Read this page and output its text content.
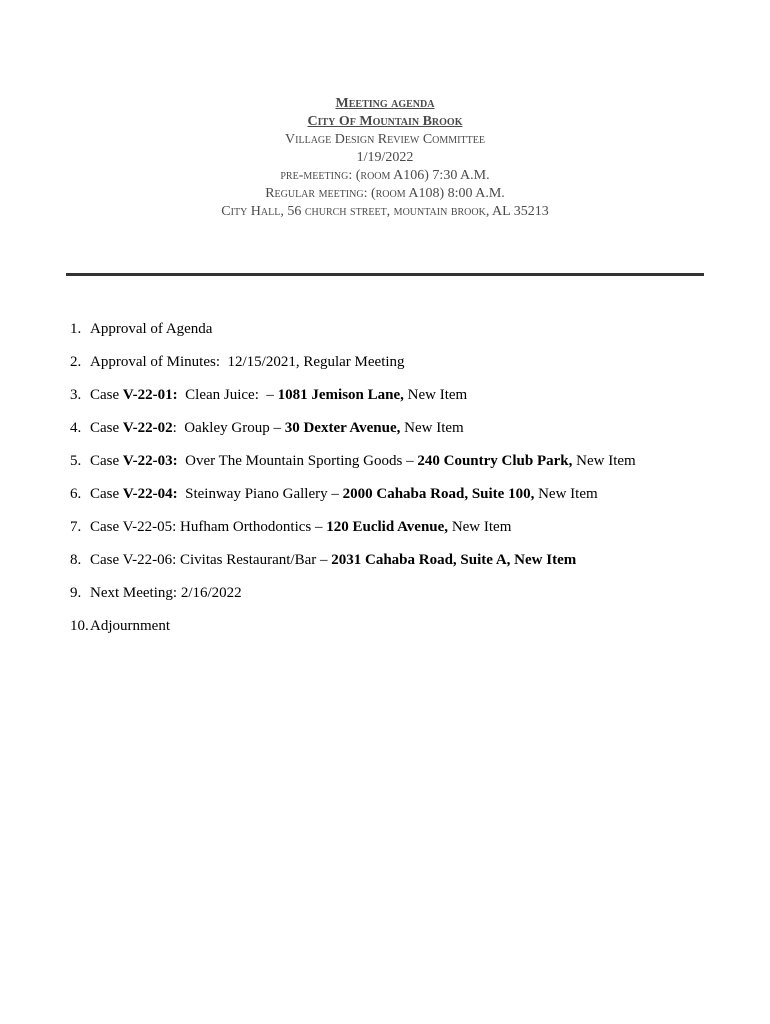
Meeting agenda
City Of Mountain Brook
Village Design Review Committee
1/19/2022
pre-meeting: (room A106) 7:30 A.M.
Regular meeting: (room A108) 8:00 A.M.
City Hall, 56 church street, mountain brook, AL 35213
1. Approval of Agenda
2. Approval of Minutes:  12/15/2021, Regular Meeting
3. Case V-22-01:  Clean Juice:  – 1081 Jemison Lane, New Item
4. Case V-22-02:  Oakley Group – 30 Dexter Avenue, New Item
5. Case V-22-03:  Over The Mountain Sporting Goods – 240 Country Club Park, New Item
6. Case V-22-04:  Steinway Piano Gallery – 2000 Cahaba Road, Suite 100, New Item
7. Case V-22-05: Hufham Orthodontics – 120 Euclid Avenue, New Item
8. Case V-22-06: Civitas Restaurant/Bar – 2031 Cahaba Road, Suite A, New Item
9. Next Meeting: 2/16/2022
10.Adjournment
